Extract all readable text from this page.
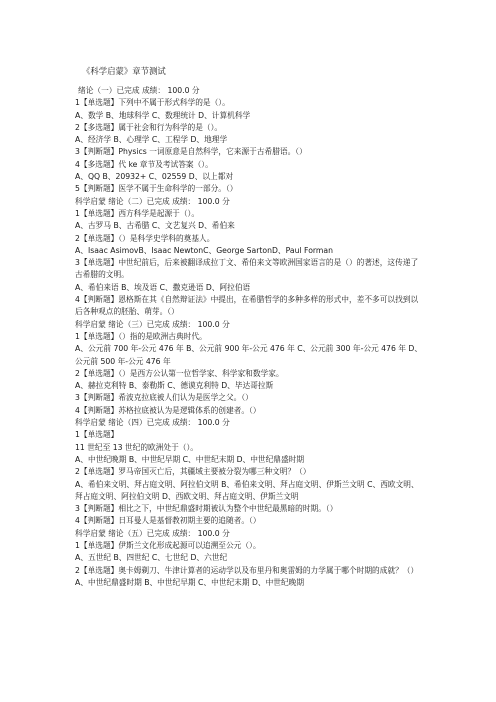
《科学启蒙》章节测试
绪论（一）已完成 成绩： 100.0 分
1【单选题】下列中不属于形式科学的是（）。
A、数学 B、地球科学 C、数理统计 D、计算机科学
2【多选题】属于社会和行为科学的是（）。
A、经济学 B、心理学 C、工程学 D、地理学
3【判断题】Physics 一词原意是自然科学，它来源于古希腊语。（）
4【多选题】代 ke 章节及考试答案（）。
A、QQ B、20932+ C、02559 D、以上都对
5【判断题】医学不属于生命科学的一部分。（）
科学启蒙 绪论（二）已完成 成绩： 100.0 分
1【单选题】西方科学是起源于（）。
A、古罗马 B、古希腊 C、文艺复兴 D、希伯来
2【单选题】（）是科学史学科的奠基人。
A、Isaac AsimovB、Isaac NewtonC、George SartonD、Paul Forman
3【单选题】中世纪前后，后来被翻译成拉丁文、希伯来文等欧洲国家语言的是（）的著述，这传递了古希腊的文明。
A、希伯来语 B、埃及语 C、撒克逊语 D、阿拉伯语
4【判断题】恩格斯在其《自然辩证法》中提出，在希腊哲学的多种多样的形式中，差不多可以找到以后各种观点的胚胎、萌芽。（）
科学启蒙 绪论（三）已完成 成绩： 100.0 分
1【单选题】（）指的是欧洲古典时代。
A、公元前 700 年-公元 476 年 B、公元前 900 年-公元 476 年 C、公元前 300 年-公元 476 年 D、公元前 500 年-公元 476 年
2【单选题】（）是西方公认第一位哲学家、科学家和数学家。
A、赫拉克利特 B、泰勒斯 C、德谟克利特 D、毕达哥拉斯
3【判断题】希波克拉底被人们认为是医学之父。（）
4【判断题】苏格拉底被认为是逻辑体系的创建者。（）
科学启蒙 绪论（四）已完成 成绩： 100.0 分
1【单选题】
11 世纪至 13 世纪的欧洲处于（）。
A、中世纪晚期 B、中世纪早期 C、中世纪末期 D、中世纪鼎盛时期
2【单选题】罗马帝国灭亡后，其疆域主要被分裂为哪三种文明？（）
A、希伯来文明、拜占庭文明、阿拉伯文明 B、希伯来文明、拜占庭文明、伊斯兰文明 C、西欧文明、拜占庭文明、阿拉伯文明 D、西欧文明、拜占庭文明、伊斯兰文明
3【判断题】相比之下，中世纪鼎盛时期被认为整个中世纪最黑暗的时期。（）
4【判断题】日耳曼人是基督教初期主要的追随者。（）
科学启蒙 绪论（五）已完成 成绩： 100.0 分
1【单选题】伊斯兰文化形成起源可以追溯至公元（）。
A、五世纪 B、四世纪 C、七世纪 D、六世纪
2【单选题】奥卡姆剃刀、牛津计算者的运动学以及布里丹和奥雷姆的力学属于哪个时期的成就？（）
A、中世纪鼎盛时期 B、中世纪早期 C、中世纪末期 D、中世纪晚期
